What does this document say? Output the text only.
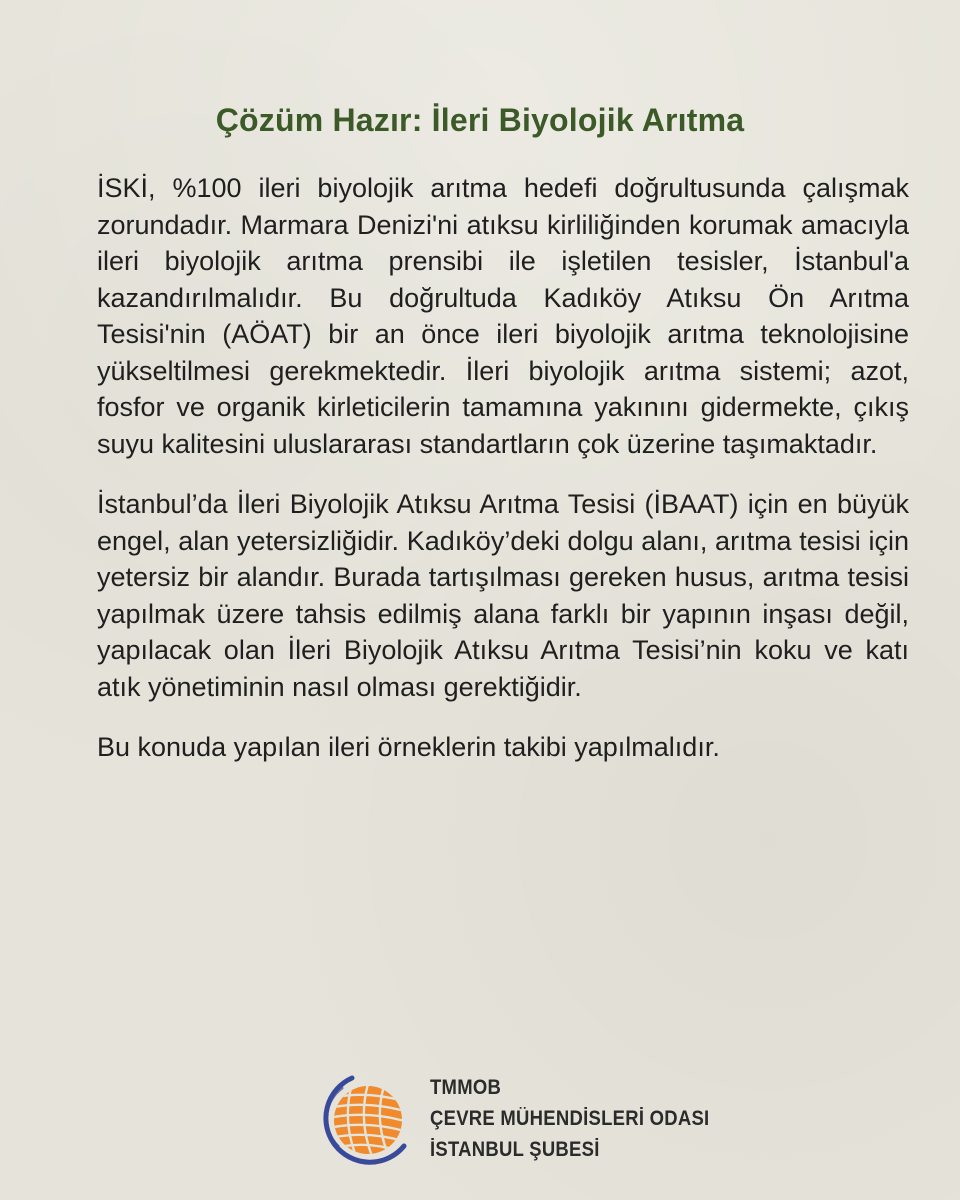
Çözüm Hazır: İleri Biyolojik Arıtma

İSKİ, %100 ileri biyolojik arıtma hedefi doğrultusunda çalışmak zorundadır. Marmara Denizi'ni atıksu kirliliğinden korumak amacıyla ileri biyolojik arıtma prensibi ile işletilen tesisler, İstanbul'a kazandırılmalıdır. Bu doğrultuda Kadıköy Atıksu Ön Arıtma Tesisi'nin (AÖAT) bir an önce ileri biyolojik arıtma teknolojisine yükseltilmesi gerekmektedir. İleri biyolojik arıtma sistemi; azot, fosfor ve organik kirleticilerin tamamına yakınını gidermekte, çıkış suyu kalitesini uluslararası standartların çok üzerine taşımaktadır.

İstanbul’da İleri Biyolojik Atıksu Arıtma Tesisi (İBAAT) için en büyük engel, alan yetersizliğidir. Kadıköy’deki dolgu alanı, arıtma tesisi için yetersiz bir alandır. Burada tartışılması gereken husus, arıtma tesisi yapılmak üzere tahsis edilmiş alana farklı bir yapının inşası değil, yapılacak olan İleri Biyolojik Atıksu Arıtma Tesisi’nin koku ve katı atık yönetiminin nasıl olması gerektiğidir.

Bu konuda yapılan ileri örneklerin takibi yapılmalıdır.

TMMOB
ÇEVRE MÜHENDİSLERİ ODASI
İSTANBUL ŞUBESİ
